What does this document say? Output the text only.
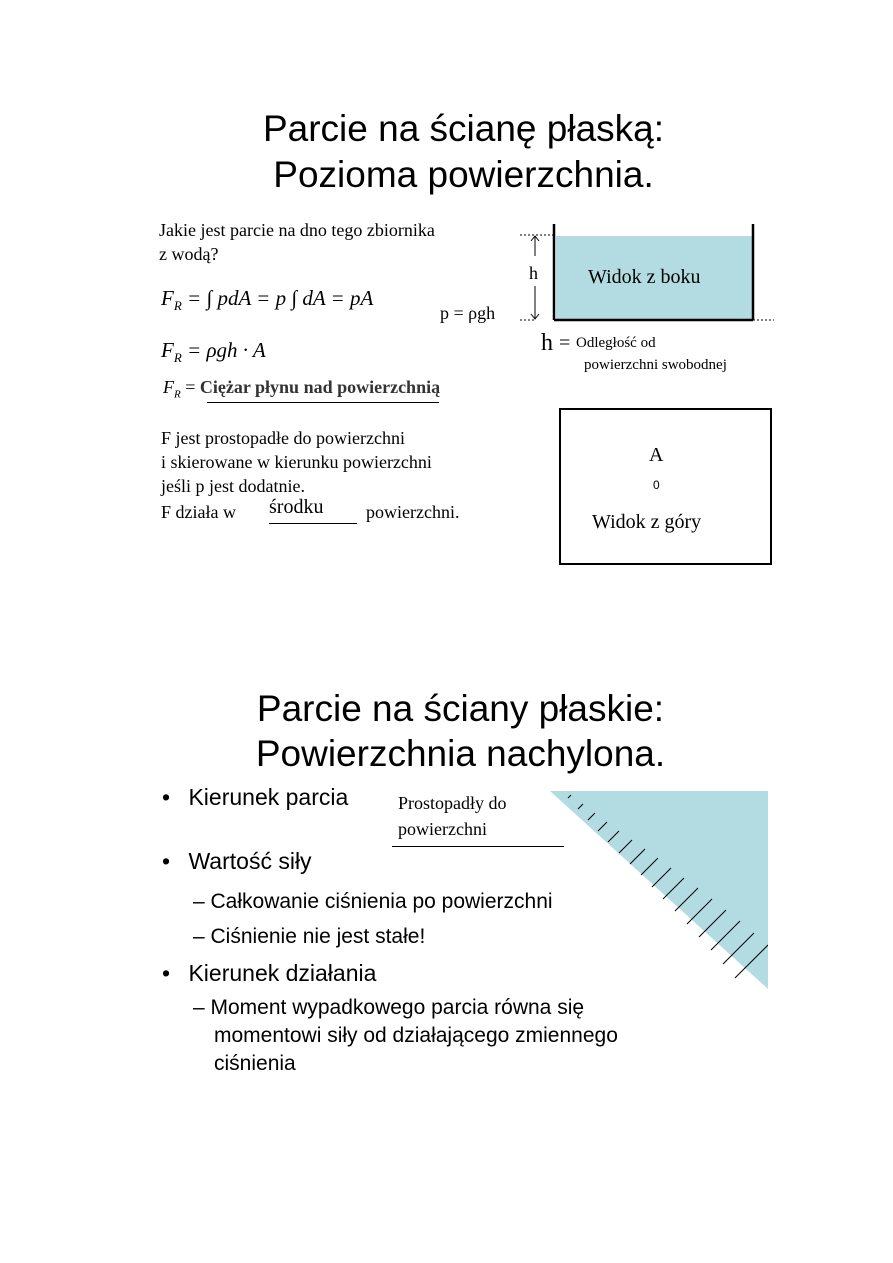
Parcie na ścianę płaską:
Pozioma powierzchnia.
Jakie jest parcie na dno tego zbiornika
z wodą?
$F_R$ = ∫ pdA = p ∫ dA = pA
p = ρgh
$F_R = \rho gh \cdot A$
$F_R$ = Ciężar płynu nad powierzchnią
F jest prostopadłe do powierzchni
i skierowane w kierunku powierzchni
jeśli p jest dodatnie.
F działa w środku powierzchni.
h	Widok z boku
h = Odległość od
powierzchni swobodnej
A
0
Widok z góry
Parcie na ściany płaskie:
Powierzchnia nachylona.
• Kierunek parcia	Prostopadły do
powierzchni
• Wartość siły
– Całkowanie ciśnienia po powierzchni
– Ciśnienie nie jest stałe!
• Kierunek działania
– Moment wypadkowego parcia równa się
momentowi siły od działającego zmiennego
ciśnienia
